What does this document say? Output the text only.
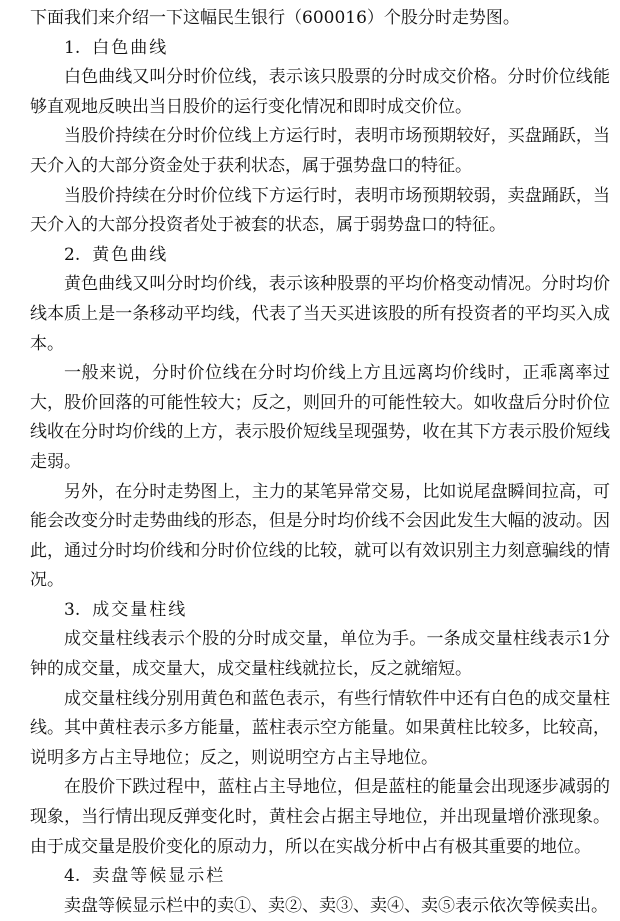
下面我们来介绍一下这幅民生银行（600016）个股分时走势图。

1. 白色曲线

白色曲线又叫分时价位线，表示该只股票的分时成交价格。分时价位线能够直观地反映出当日股价的运行变化情况和即时成交价位。

当股价持续在分时价位线上方运行时，表明市场预期较好，买盘踊跃，当天介入的大部分资金处于获利状态，属于强势盘口的特征。

当股价持续在分时价位线下方运行时，表明市场预期较弱，卖盘踊跃，当天介入的大部分投资者处于被套的状态，属于弱势盘口的特征。

2. 黄色曲线

黄色曲线又叫分时均价线，表示该种股票的平均价格变动情况。分时均价线本质上是一条移动平均线，代表了当天买进该股的所有投资者的平均买入成本。

一般来说，分时价位线在分时均价线上方且远离均价线时，正乖离率过大，股价回落的可能性较大；反之，则回升的可能性较大。如收盘后分时价位线收在分时均价线的上方，表示股价短线呈现强势，收在其下方表示股价短线走弱。

另外，在分时走势图上，主力的某笔异常交易，比如说尾盘瞬间拉高，可能会改变分时走势曲线的形态，但是分时均价线不会因此发生大幅的波动。因此，通过分时均价线和分时价位线的比较，就可以有效识别主力刻意骗线的情况。

3. 成交量柱线

成交量柱线表示个股的分时成交量，单位为手。一条成交量柱线表示1分钟的成交量，成交量大，成交量柱线就拉长，反之就缩短。

成交量柱线分别用黄色和蓝色表示，有些行情软件中还有白色的成交量柱线。其中黄柱表示多方能量，蓝柱表示空方能量。如果黄柱比较多，比较高，说明多方占主导地位；反之，则说明空方占主导地位。

在股价下跌过程中，蓝柱占主导地位，但是蓝柱的能量会出现逐步减弱的现象，当行情出现反弹变化时，黄柱会占据主导地位，并出现量增价涨现象。由于成交量是股价变化的原动力，所以在实战分析中占有极其重要的地位。

4. 卖盘等候显示栏

卖盘等候显示栏中的卖①、卖②、卖③、卖④、卖⑤表示依次等候卖出。
